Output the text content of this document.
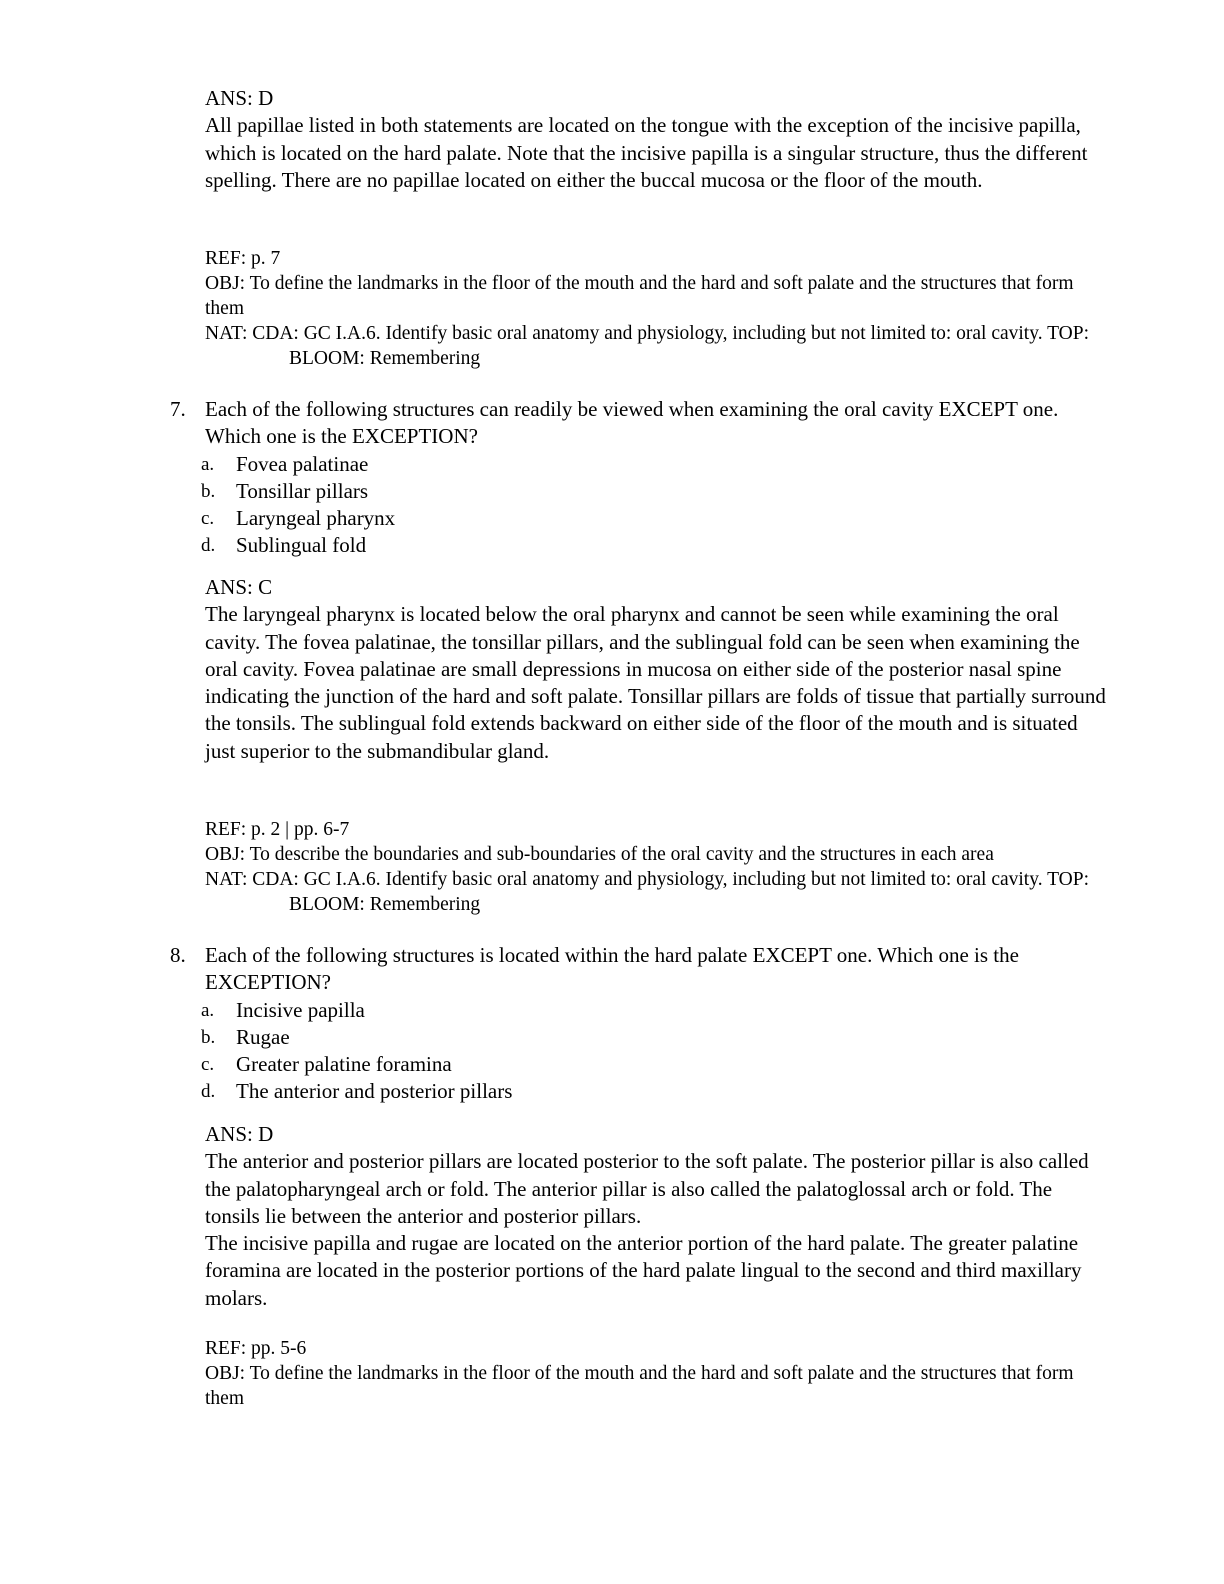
ANS: D

All papillae listed in both statements are located on the tongue with the exception of the incisive papilla, which is located on the hard palate. Note that the incisive papilla is a singular structure, thus the different spelling. There are no papillae located on either the buccal mucosa or the floor of the mouth.

REF: p. 7

OBJ: To define the landmarks in the floor of the mouth and the hard and soft palate and the structures that form them

NAT: CDA: GC I.A.6. Identify basic oral anatomy and physiology, including but not limited to: oral cavity. TOP:BLOOM: Remembering

7. Each of the following structures can readily be viewed when examining the oral cavity EXCEPT one. Which one is the EXCEPTION?

a. Fovea palatinae
b. Tonsillar pillars
c. Laryngeal pharynx
d. Sublingual fold

ANS: C

The laryngeal pharynx is located below the oral pharynx and cannot be seen while examining the oral cavity. The fovea palatinae, the tonsillar pillars, and the sublingual fold can be seen when examining the oral cavity. Fovea palatinae are small depressions in mucosa on either side of the posterior nasal spine indicating the junction of the hard and soft palate. Tonsillar pillars are folds of tissue that partially surround the tonsils. The sublingual fold extends backward on either side of the floor of the mouth and is situated just superior to the submandibular gland.

REF: p. 2 | pp. 6-7

OBJ: To describe the boundaries and sub-boundaries of the oral cavity and the structures in each area

NAT: CDA: GC I.A.6. Identify basic oral anatomy and physiology, including but not limited to: oral cavity. TOP:BLOOM: Remembering

8. Each of the following structures is located within the hard palate EXCEPT one. Which one is the EXCEPTION?

a. Incisive papilla
b. Rugae
c. Greater palatine foramina
d. The anterior and posterior pillars

ANS: D

The anterior and posterior pillars are located posterior to the soft palate. The posterior pillar is also called the palatopharyngeal arch or fold. The anterior pillar is also called the palatoglossal arch or fold. The tonsils lie between the anterior and posterior pillars.

The incisive papilla and rugae are located on the anterior portion of the hard palate. The greater palatine foramina are located in the posterior portions of the hard palate lingual to the second and third maxillary molars.

REF: pp. 5-6

OBJ: To define the landmarks in the floor of the mouth and the hard and soft palate and the structures that form them
